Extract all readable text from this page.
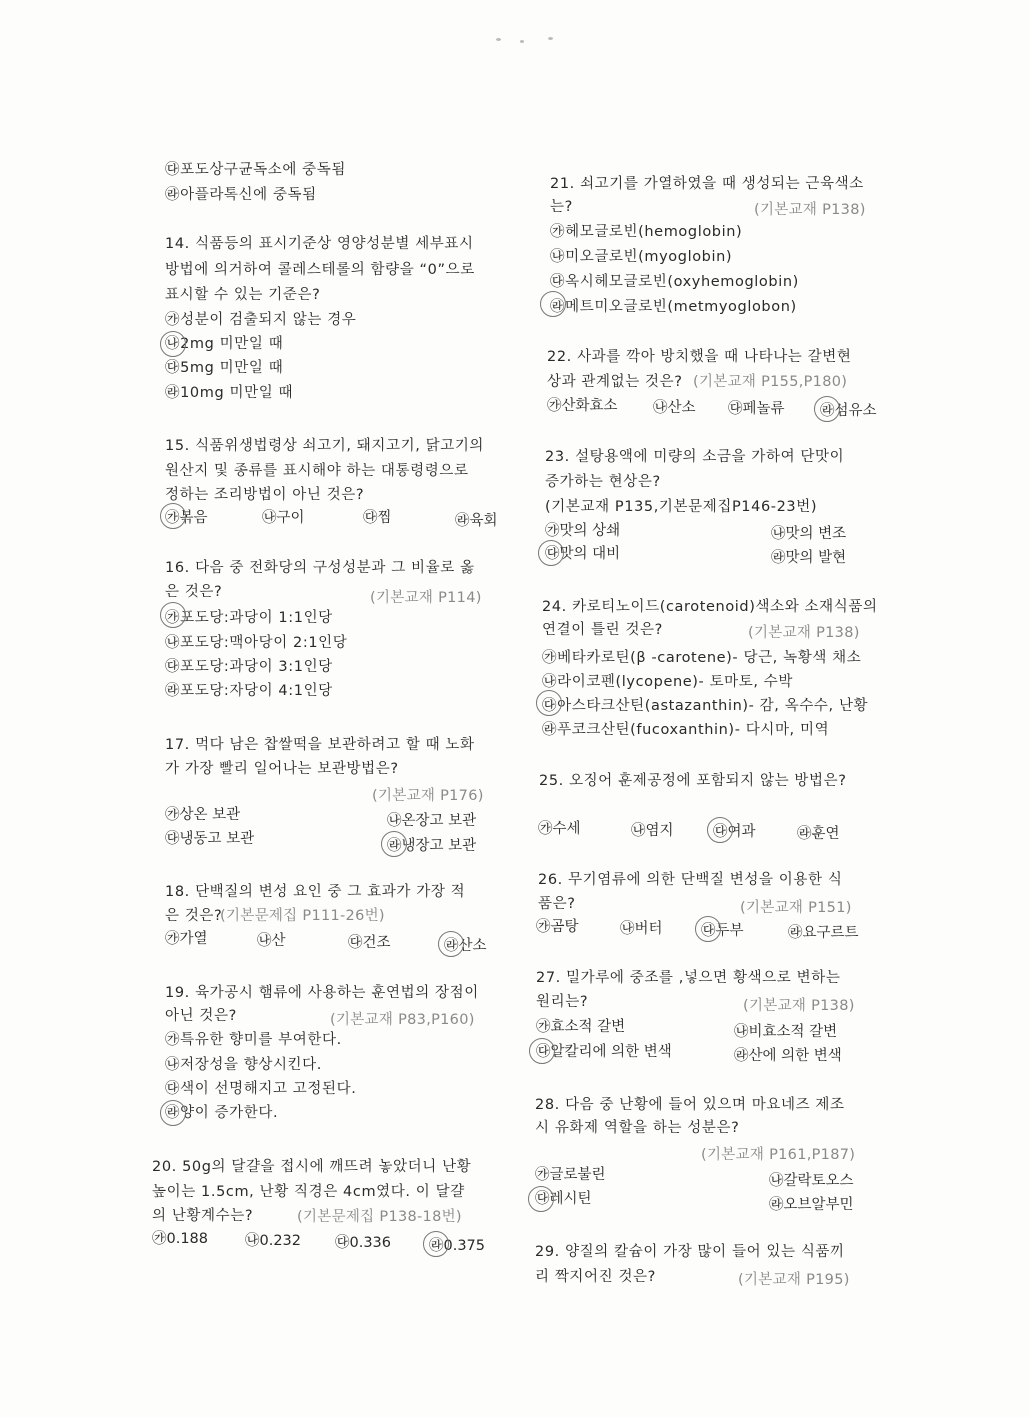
㉰포도상구균독소에 중독됨
㉱아플라톡신에 중독됨
14. 식품등의 표시기준상 영양성분별 세부표시
방법에 의거하여 콜레스테롤의 함량을 “0”으로
표시할 수 있는 기준은?
㉮성분이 검출되지 않는 경우
㉯2mg 미만일 때
㉰5mg 미만일 때
㉱10mg 미만일 때
15. 식품위생법령상 쇠고기, 돼지고기, 닭고기의
원산지 및 종류를 표시해야 하는 대통령령으로
정하는 조리방법이 아닌 것은?
㉮볶음	㉯구이	㉰찜	㉱육회
16. 다음 중 전화당의 구성성분과 그 비율로 옳
은 것은?	(기본교재 P114)
㉮포도당:과당이 1:1인당
㉯포도당:맥아당이 2:1인당
㉰포도당:과당이 3:1인당
㉱포도당:자당이 4:1인당
17. 먹다 남은 찹쌀떡을 보관하려고 할 때 노화
가 가장 빨리 일어나는 보관방법은?
(기본교재 P176)
㉮상온 보관	㉯온장고 보관
㉰냉동고 보관	㉱냉장고 보관
18. 단백질의 변성 요인 중 그 효과가 가장 적
은 것은?
(기본문제집 P111-26번)
㉮가열	㉯산	㉰건조	㉱산소
19. 육가공시 햄류에 사용하는 훈연법의 장점이
아닌 것은?	(기본교재 P83,P160)
㉮특유한 향미를 부여한다.
㉯저장성을 향상시킨다.
㉰색이 선명해지고 고정된다.
㉱양이 증가한다.
20. 50g의 달걀을 접시에 깨뜨려 놓았더니 난황
높이는 1.5cm, 난황 직경은 4cm였다. 이 달걀
의 난황계수는?	(기본문제집 P138-18번)
㉮0.188	㉯0.232 ㉰0.336	㉱0.375
21. 쇠고기를 가열하였을 때 생성되는 근육색소
는?	(기본교재 P138)
㉮헤모글로빈(hemoglobin)
㉯미오글로빈(myoglobin)
㉰옥시헤모글로빈(oxyhemoglobin)
㉱메트미오글로빈(metmyoglobon)
22. 사과를 깍아 방치했을 때 나타나는 갈변현
상과 관계없는 것은? (기본교재 P155,P180)
㉮산화효소 ㉯산소 ㉰페놀류 ㉱섬유소
23. 설탕용액에 미량의 소금을 가하여 단맛이
증가하는 현상은?
(기본교재 P135,기본문제집P146-23번)
㉮맛의 상쇄	㉯맛의 변조
㉰맛의 대비	㉱맛의 발현
24. 카로티노이드(carotenoid)색소와 소재식품의
연결이 틀린 것은?	(기본교재 P138)
㉮베타카로틴(β -carotene)- 당근, 녹황색 채소
㉯라이코펜(lycopene)- 토마토, 수박
㉰아스타크산틴(astazanthin)- 감, 옥수수, 난황
㉱푸코크산틴(fucoxanthin)- 다시마, 미역
25. 오징어 훈제공정에 포함되지 않는 방법은?
㉮수세	㉯염지	㉰여과	㉱훈연
26. 무기염류에 의한 단백질 변성을 이용한 식
품은?	(기본교재 P151)
㉮곰탕	㉯버터	㉰두부	㉱요구르트
27. 밀가루에 중조를 ,넣으면 황색으로 변하는
원리는?	(기본교재 P138)
㉮효소적 갈변	㉯비효소적 갈변
㉰알칼리에 의한 변색	㉱산에 의한 변색
28. 다음 중 난황에 들어 있으며 마요네즈 제조
시 유화제 역할을 하는 성분은?
(기본교재 P161,P187)
㉮글로불린	㉯갈락토오스
㉰레시틴	㉱오브알부민
29. 양질의 칼슘이 가장 많이 들어 있는 식품끼
리 짝지어진 것은?	(기본교재 P195)
